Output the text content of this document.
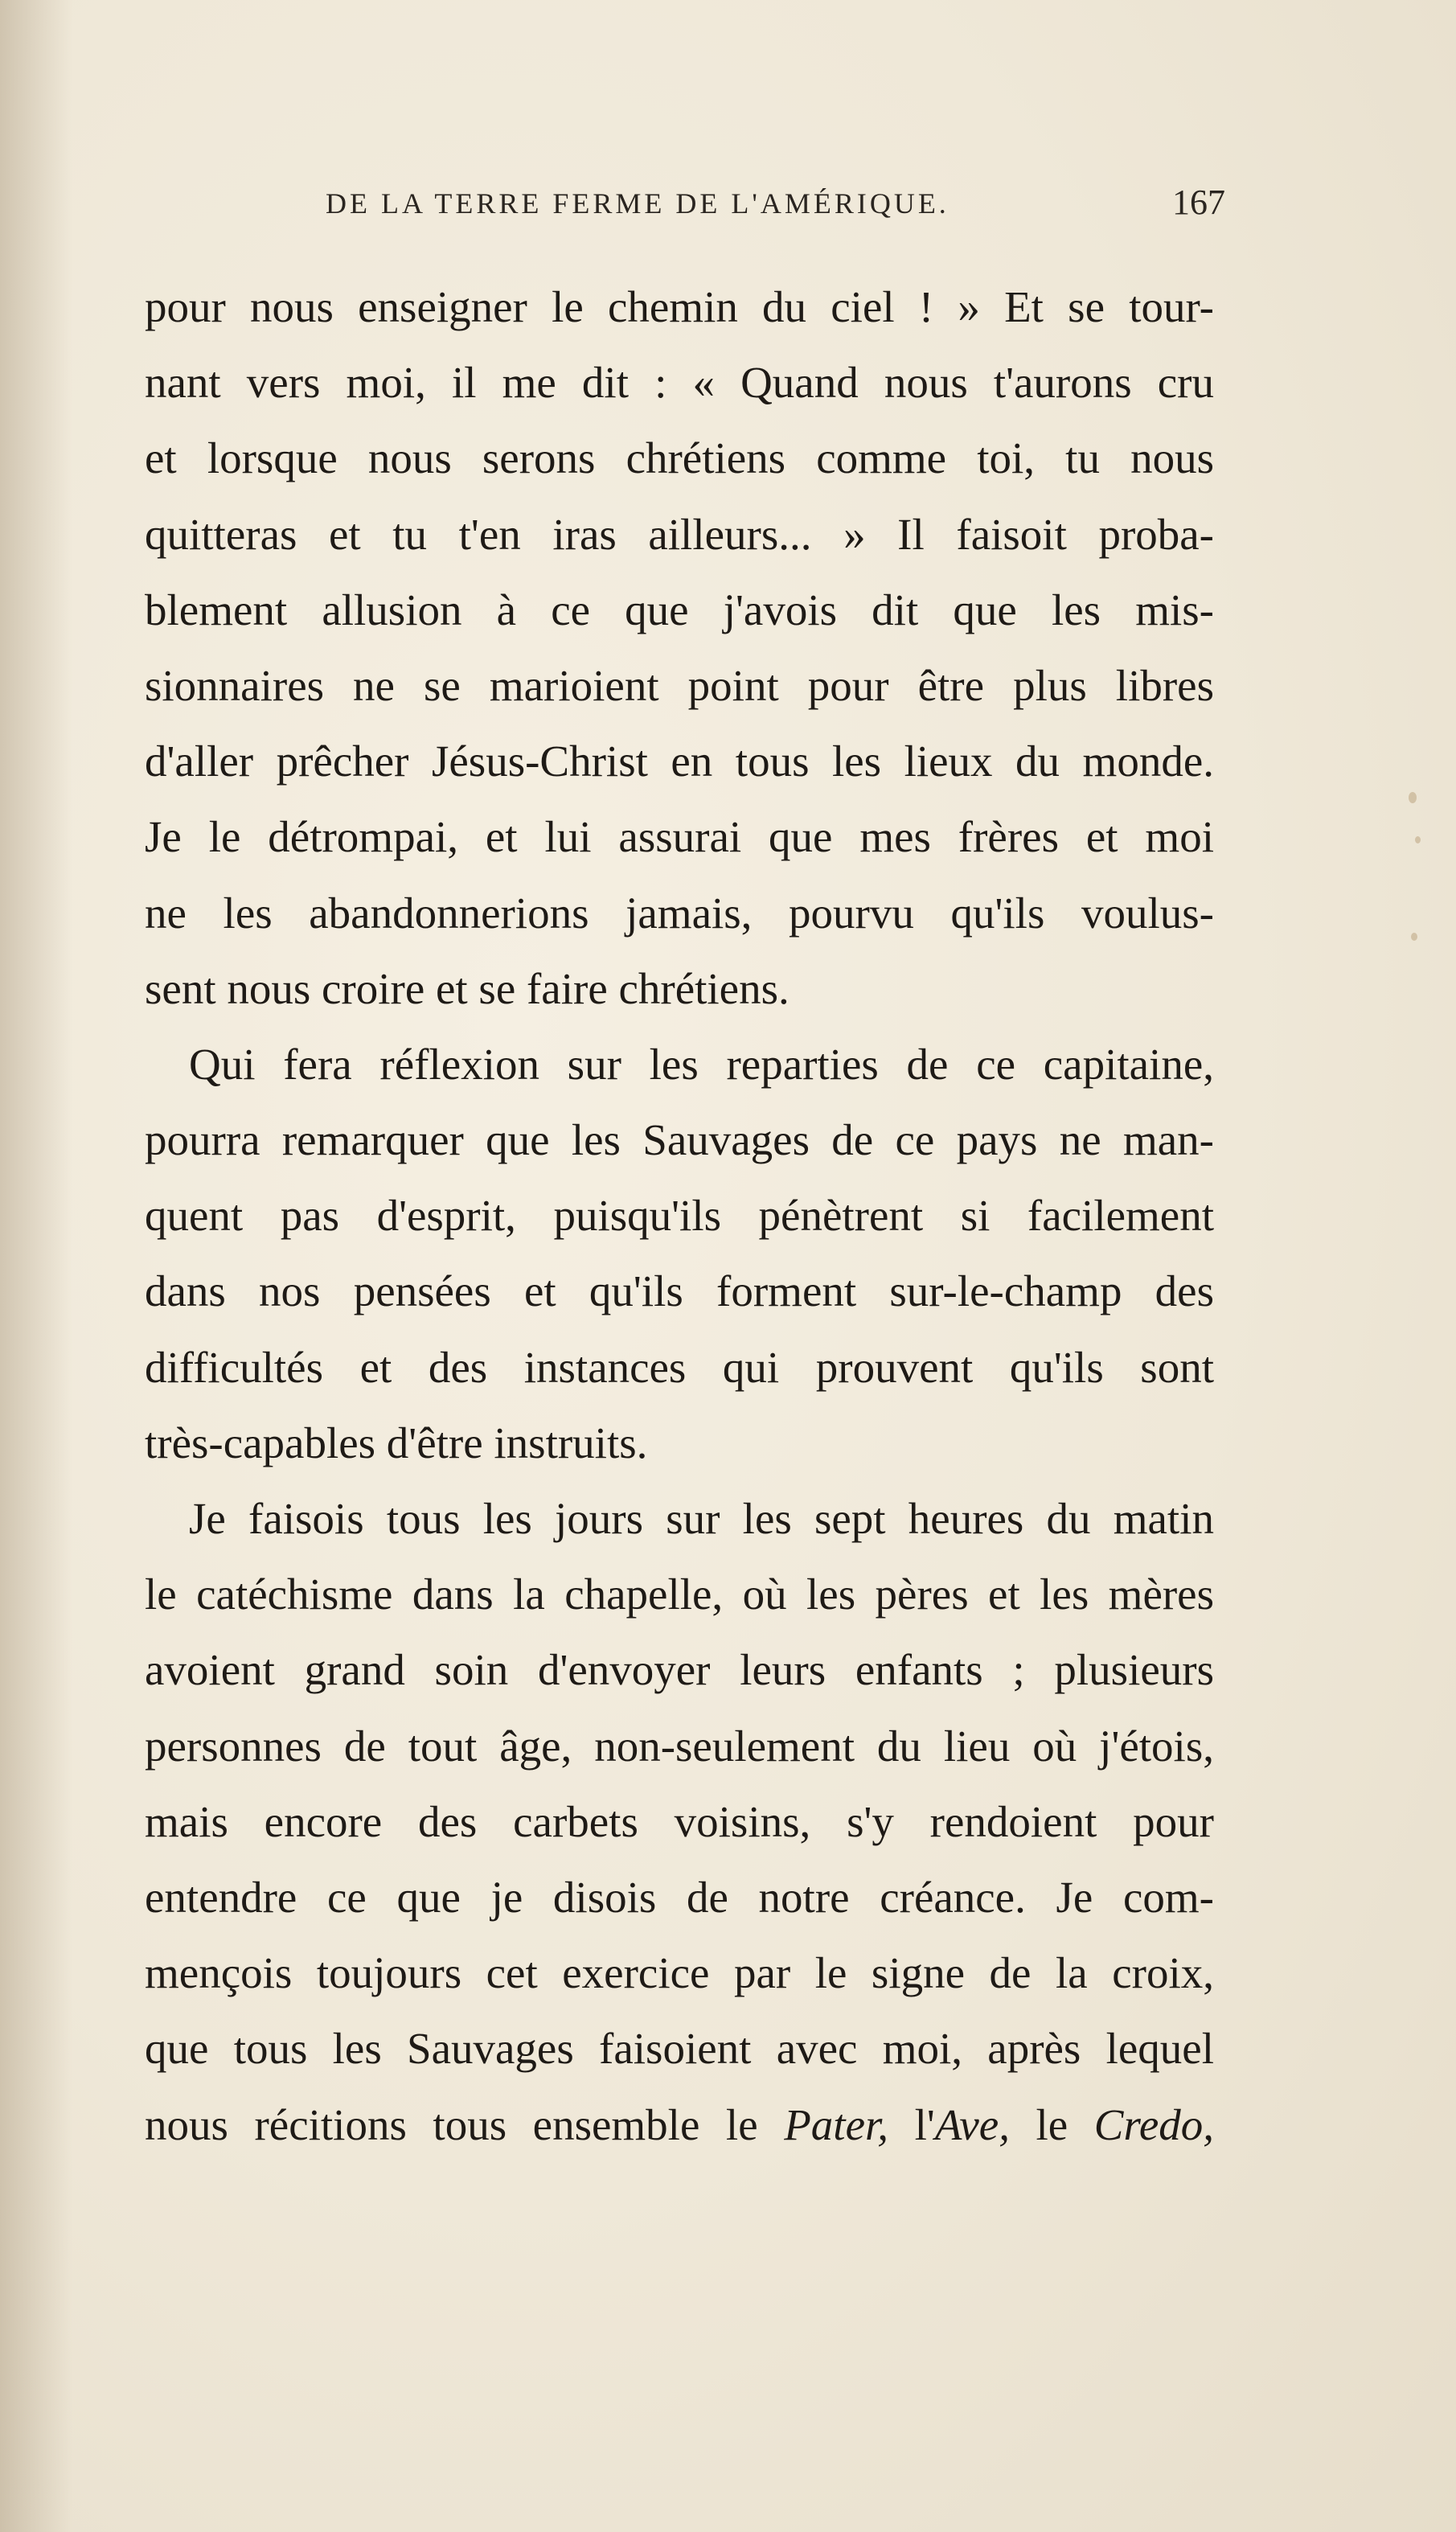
DE LA TERRE FERME DE L'AMÉRIQUE.	167
pour nous enseigner le chemin du ciel ! » Et se tour-
nant vers moi, il me dit : « Quand nous t'aurons cru
et lorsque nous serons chrétiens comme toi, tu nous
quitteras et tu t'en iras ailleurs... » Il faisoit proba-
blement allusion à ce que j'avois dit que les mis-
sionnaires ne se marioient point pour être plus libres
d'aller prêcher Jésus-Christ en tous les lieux du monde.
Je le détrompai, et lui assurai que mes frères et moi
ne les abandonnerions jamais, pourvu qu'ils voulus-
sent nous croire et se faire chrétiens.
Qui fera réflexion sur les reparties de ce capitaine,
pourra remarquer que les Sauvages de ce pays ne man-
quent pas d'esprit, puisqu'ils pénètrent si facilement
dans nos pensées et qu'ils forment sur-le-champ des
difficultés et des instances qui prouvent qu'ils sont
très-capables d'être instruits.
Je faisois tous les jours sur les sept heures du matin
le catéchisme dans la chapelle, où les pères et les mères
avoient grand soin d'envoyer leurs enfants ; plusieurs
personnes de tout âge, non-seulement du lieu où j'étois,
mais encore des carbets voisins, s'y rendoient pour
entendre ce que je disois de notre créance. Je com-
mençois toujours cet exercice par le signe de la croix,
que tous les Sauvages faisoient avec moi, après lequel
nous récitions tous ensemble le Pater, l'Ave, le Credo,
